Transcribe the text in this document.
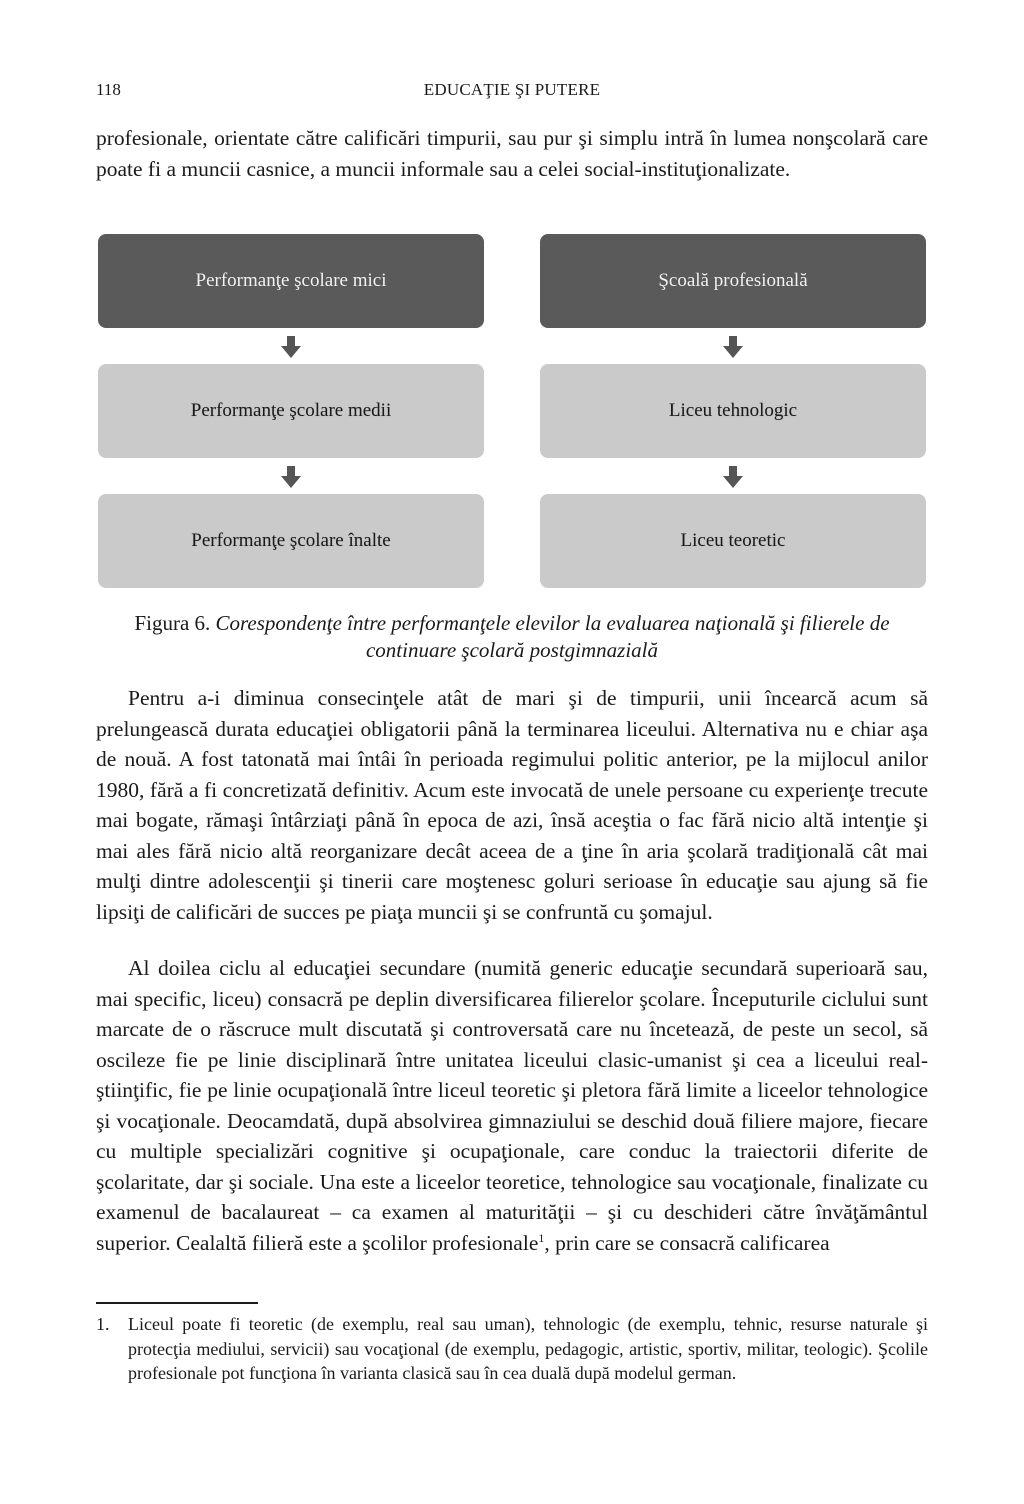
118	EDUCAŢIE ŞI PUTERE

profesionale, orientate către calificări timpurii, sau pur şi simplu intră în lumea nonşcolară care poate fi a muncii casnice, a muncii informale sau a celei social-instituţionalizate.

Performanţe şcolare mici
Performanţe şcolare medii
Performanţe şcolare înalte
Şcoală profesională
Liceu tehnologic
Liceu teoretic
Figura 6. Corespondenţe între performanţele elevilor la evaluarea naţională şi filierele de continuare şcolară postgimnazială

Pentru a-i diminua consecinţele atât de mari şi de timpurii, unii încearcă acum să prelungească durata educaţiei obligatorii până la terminarea liceului. Alternativa nu e chiar aşa de nouă. A fost tatonată mai întâi în perioada regimului politic anterior, pe la mijlocul anilor 1980, fără a fi concretizată definitiv. Acum este invocată de unele persoane cu experienţe trecute mai bogate, rămaşi întârziaţi până în epoca de azi, însă aceştia o fac fără nicio altă intenţie şi mai ales fără nicio altă reorganizare decât aceea de a ţine în aria şcolară tradiţională cât mai mulţi dintre adolescenţii şi tinerii care moştenesc goluri serioase în educaţie sau ajung să fie lipsiţi de calificări de succes pe piaţa muncii şi se confruntă cu şomajul.

Al doilea ciclu al educaţiei secundare (numită generic educaţie secundară superioară sau, mai specific, liceu) consacră pe deplin diversificarea filierelor şcolare. Începuturile ciclului sunt marcate de o răscruce mult discutată şi controversată care nu încetează, de peste un secol, să oscileze fie pe linie disciplinară între unitatea liceului clasic-umanist şi cea a liceului real-ştiinţific, fie pe linie ocupaţională între liceul teoretic şi pletora fără limite a liceelor tehnologice şi vocaţionale. Deocamdată, după absolvirea gimnaziului se deschid două filiere majore, fiecare cu multiple specializări cognitive şi ocupaţionale, care conduc la traiectorii diferite de şcolaritate, dar şi sociale. Una este a liceelor teoretice, tehnologice sau vocaţionale, finalizate cu examenul de bacalaureat – ca examen al maturităţii – şi cu deschideri către învăţământul superior. Cealaltă filieră este a şcolilor profesionale$^1$, prin care se consacră calificarea

1.	Liceul poate fi teoretic (de exemplu, real sau uman), tehnologic (de exemplu, tehnic, resurse naturale şi protecţia mediului, servicii) sau vocaţional (de exemplu, pedagogic, artistic, sportiv, militar, teologic). Şcolile profesionale pot funcţiona în varianta clasică sau în cea duală după modelul german.
